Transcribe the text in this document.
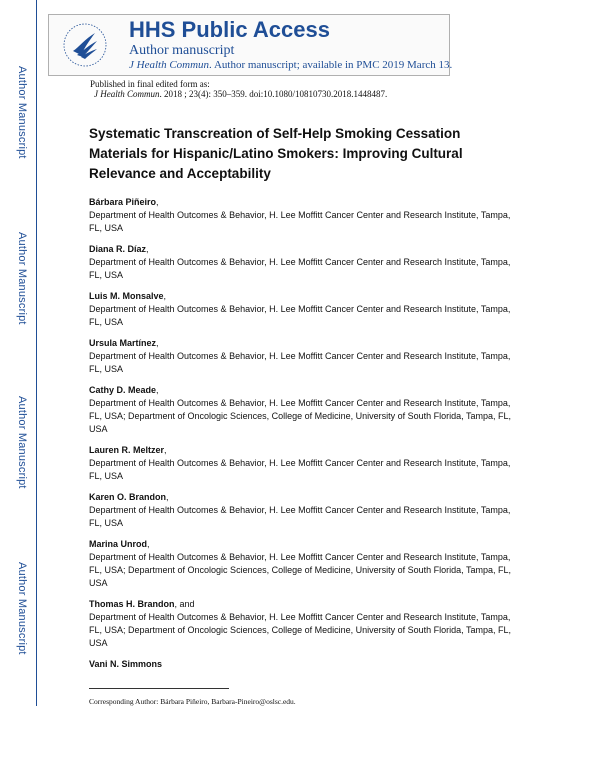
Author Manuscript
Author Manuscript
Author Manuscript
Author Manuscript
HHS Public Access
Author manuscript
J Health Commun. Author manuscript; available in PMC 2019 March 13.
Published in final edited form as:
J Health Commun. 2018 ; 23(4): 350–359. doi:10.1080/10810730.2018.1448487.
Systematic Transcreation of Self-Help Smoking Cessation Materials for Hispanic/Latino Smokers: Improving Cultural Relevance and Acceptability
Bárbara Piñeiro,
Department of Health Outcomes & Behavior, H. Lee Moffitt Cancer Center and Research Institute, Tampa, FL, USA
Diana R. Díaz,
Department of Health Outcomes & Behavior, H. Lee Moffitt Cancer Center and Research Institute, Tampa, FL, USA
Luis M. Monsalve,
Department of Health Outcomes & Behavior, H. Lee Moffitt Cancer Center and Research Institute, Tampa, FL, USA
Ursula Martínez,
Department of Health Outcomes & Behavior, H. Lee Moffitt Cancer Center and Research Institute, Tampa, FL, USA
Cathy D. Meade,
Department of Health Outcomes & Behavior, H. Lee Moffitt Cancer Center and Research Institute, Tampa, FL, USA; Department of Oncologic Sciences, College of Medicine, University of South Florida, Tampa, FL, USA
Lauren R. Meltzer,
Department of Health Outcomes & Behavior, H. Lee Moffitt Cancer Center and Research Institute, Tampa, FL, USA
Karen O. Brandon,
Department of Health Outcomes & Behavior, H. Lee Moffitt Cancer Center and Research Institute, Tampa, FL, USA
Marina Unrod,
Department of Health Outcomes & Behavior, H. Lee Moffitt Cancer Center and Research Institute, Tampa, FL, USA; Department of Oncologic Sciences, College of Medicine, University of South Florida, Tampa, FL, USA
Thomas H. Brandon, and
Department of Health Outcomes & Behavior, H. Lee Moffitt Cancer Center and Research Institute, Tampa, FL, USA; Department of Oncologic Sciences, College of Medicine, University of South Florida, Tampa, FL, USA
Vani N. Simmons
Corresponding Author: Bárbara Piñeiro, Barbara-Pineiro@oslsc.edu.
